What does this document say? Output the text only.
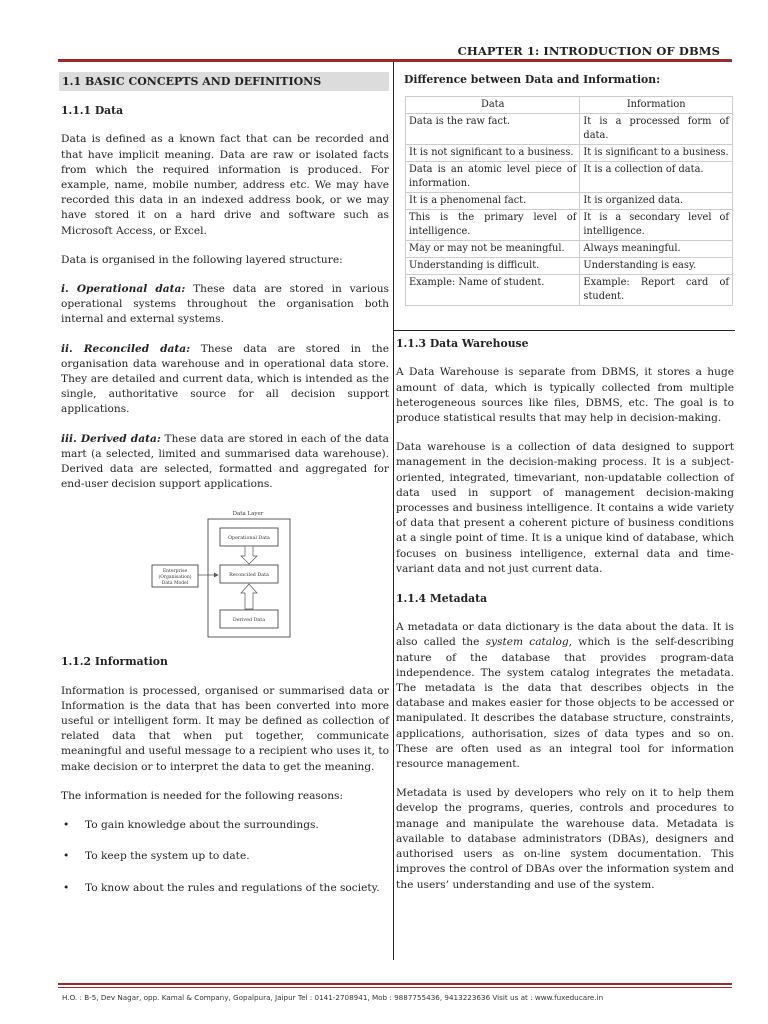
CHAPTER 1: INTRODUCTION OF DBMS
1.1 BASIC CONCEPTS AND DEFINITIONS
1.1.1 Data

Data is defined as a known fact that can be recorded and that have implicit meaning. Data are raw or isolated facts from which the required information is produced. For example, name, mobile number, address etc. We may have recorded this data in an indexed address book, or we may have stored it on a hard drive and software such as Microsoft Access, or Excel.

Data is organised in the following layered structure:

i. Operational data: These data are stored in various operational systems throughout the organisation both internal and external systems.

ii. Reconciled data: These data are stored in the organisation data warehouse and in operational data store. They are detailed and current data, which is intended as the single, authoritative source for all decision support applications.

iii. Derived data: These data are stored in each of the data mart (a selected, limited and summarised data warehouse). Derived data are selected, formatted and aggregated for end-user decision support applications.

Data Layer
Operational Data
Reconciled Data
Derived Data
Enterprise
(Organisation)
Data Model
1.1.2 Information

Information is processed, organised or summarised data or Information is the data that has been converted into more useful or intelligent form. It may be defined as collection of related data that when put together, communicate meaningful and useful message to a recipient who uses it, to make decision or to interpret the data to get the meaning.

The information is needed for the following reasons:

• To gain knowledge about the surroundings.
• To keep the system up to date.
• To know about the rules and regulations of the society.
Difference between Data and Information:
Data	Information
Data is the raw fact.	It is a processed form of data.
It is not significant to a business.	It is significant to a business.
Data is an atomic level piece of information.	It is a collection of data.
It is a phenomenal fact.	It is organized data.
This is the primary level of intelligence.	It is a secondary level of intelligence.
May or may not be meaningful.	Always meaningful.
Understanding is difficult.	Understanding is easy.
Example: Name of student.	Example: Report card of student.
1.1.3 Data Warehouse

A Data Warehouse is separate from DBMS, it stores a huge amount of data, which is typically collected from multiple heterogeneous sources like files, DBMS, etc. The goal is to produce statistical results that may help in decision-making.

Data warehouse is a collection of data designed to support management in the decision-making process. It is a subject-oriented, integrated, timevariant, non-updatable collection of data used in support of management decision-making processes and business intelligence. It contains a wide variety of data that present a coherent picture of business conditions at a single point of time. It is a unique kind of database, which focuses on business intelligence, external data and time-variant data and not just current data.

1.1.4 Metadata

A metadata or data dictionary is the data about the data. It is also called the system catalog, which is the self-describing nature of the database that provides program-data independence. The system catalog integrates the metadata. The metadata is the data that describes objects in the database and makes easier for those objects to be accessed or manipulated. It describes the database structure, constraints, applications, authorisation, sizes of data types and so on. These are often used as an integral tool for information resource management.

Metadata is used by developers who rely on it to help them develop the programs, queries, controls and procedures to manage and manipulate the warehouse data. Metadata is available to database administrators (DBAs), designers and authorised users as on-line system documentation. This improves the control of DBAs over the information system and the users’ understanding and use of the system.

H.O. : B-5, Dev Nagar, opp. Kamal & Company, Gopalpura, Jaipur Tel : 0141-2708941, Mob : 9887755436, 9413223636 Visit us at : www.fuxeducare.in
